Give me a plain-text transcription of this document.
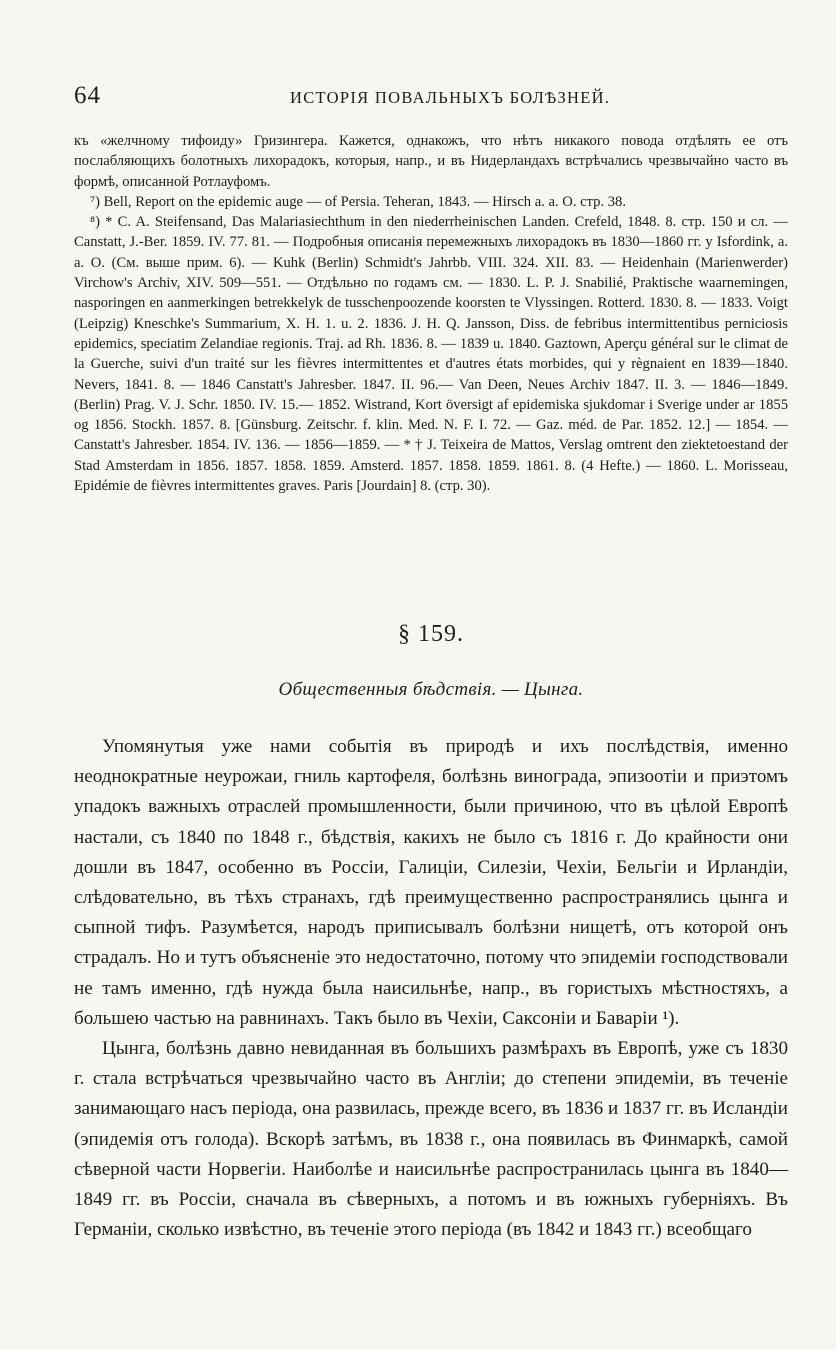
64	ИСТОРІЯ ПОВАЛЬНЫХЪ БОЛѢЗНЕЙ.

къ «желчному тифоиду» Гризингера. Кажется, однакожъ, что нѣтъ никакого повода отдѣлять ее отъ послабляющихъ болотныхъ лихорадокъ, которыя, напр., и въ Нидерландахъ встрѣчались чрезвычайно часто въ формѣ, описанной Ротлауфомъ.

⁷) Bell, Report on the epidemic auge — of Persia. Teheran, 1843. — Hirsch a. a. O. стр. 38.

⁸) * C. A. Steifensand, Das Malariasiechthum in den niederrheinischen Landen. Crefeld, 1848. 8. стр. 150 и сл. — Canstatt, J.-Ber. 1859. IV. 77. 81. — Подробныя описанія перемежныхъ лихорадокъ въ 1830—1860 гг. у Isfordink, a. a. O. (См. выше прим. 6). — Kuhk (Berlin) Schmidt's Jahrbb. VIII. 324. XII. 83. — Heidenhain (Marienwerder) Virchow's Archiv, XIV. 509—551. — Отдѣльно по годамъ см. — 1830. L. P. J. Snabilié, Praktische waarnemingen, nasporingen en aanmerkingen betrekkelyk de tusschenpoozende koorsten te Vlyssingen. Rotterd. 1830. 8. — 1833. Voigt (Leipzig) Kneschke's Summarium, X. H. 1. u. 2. 1836. J. H. Q. Jansson, Diss. de febribus intermittentibus perniciosis epidemics, speciatim Zelandiae regionis. Traj. ad Rh. 1836. 8. — 1839 u. 1840. Gaztown, Aperçu général sur le climat de la Guerche, suivi d'un traité sur les fièvres intermittentes et d'autres états morbides, qui y règnaient en 1839—1840. Nevers, 1841. 8. — 1846 Canstatt's Jahresber. 1847. II. 96.— Van Deen, Neues Archiv 1847. II. 3. — 1846—1849. (Berlin) Prag. V. J. Schr. 1850. IV. 15.— 1852. Wistrand, Kort översigt af epidemiska sjukdomar i Sverige under ar 1855 og 1856. Stockh. 1857. 8. [Günsburg. Zeitschr. f. klin. Med. N. F. I. 72. — Gaz. méd. de Par. 1852. 12.] — 1854. — Canstatt's Jahresber. 1854. IV. 136. — 1856—1859. — * † J. Teixeira de Mattos, Verslag omtrent den ziektetoestand der Stad Amsterdam in 1856. 1857. 1858. 1859. Amsterd. 1857. 1858. 1859. 1861. 8. (4 Hefte.) — 1860. L. Morisseau, Epidémie de fièvres intermittentes graves. Paris [Jourdain] 8. (стр. 30).

§ 159.
Общественныя бѣдствія. — Цынга.

Упомянутыя уже нами событія въ природѣ и ихъ послѣдствія, именно неоднократные неурожаи, гниль картофеля, болѣзнь винограда, эпизоотіи и приэтомъ упадокъ важныхъ отраслей промышленности, были причиною, что въ цѣлой Европѣ настали, съ 1840 по 1848 г., бѣдствія, какихъ не было съ 1816 г. До крайности они дошли въ 1847, особенно въ Россіи, Галиціи, Силезіи, Чехіи, Бельгіи и Ирландіи, слѣдовательно, въ тѣхъ странахъ, гдѣ преимущественно распространялись цынга и сыпной тифъ. Разумѣется, народъ приписывалъ болѣзни нищетѣ, отъ которой онъ страдалъ. Но и тутъ объясненіе это недостаточно, потому что эпидеміи господствовали не тамъ именно, гдѣ нужда была наисильнѣе, напр., въ гористыхъ мѣстностяхъ, а большею частью на равнинахъ. Такъ было въ Чехіи, Саксоніи и Баваріи ¹).

Цынга, болѣзнь давно невиданная въ большихъ размѣрахъ въ Европѣ, уже съ 1830 г. стала встрѣчаться чрезвычайно часто въ Англіи; до степени эпидеміи, въ теченіе занимающаго насъ періода, она развилась, прежде всего, въ 1836 и 1837 гг. въ Исландіи (эпидемія отъ голода). Вскорѣ затѣмъ, въ 1838 г., она появилась въ Финмаркѣ, самой сѣверной части Норвегіи. Наиболѣе и наисильнѣе распространилась цынга въ 1840—1849 гг. въ Россіи, сначала въ сѣверныхъ, а потомъ и въ южныхъ губерніяхъ. Въ Германіи, сколько извѣстно, въ теченіе этого періода (въ 1842 и 1843 гг.) всеобщаго
